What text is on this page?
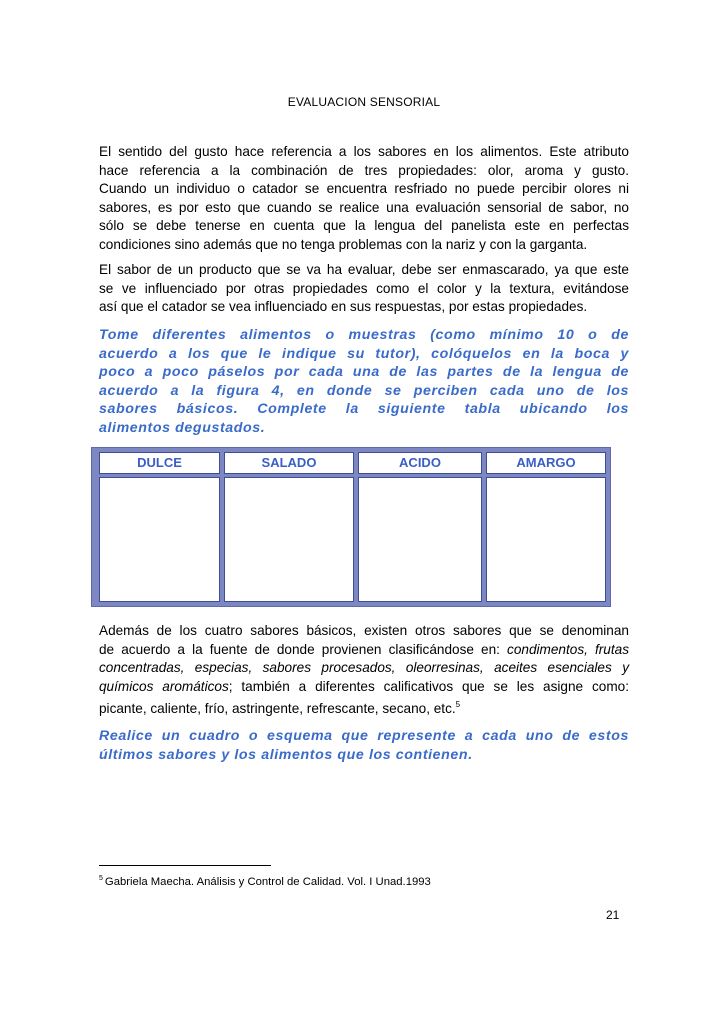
EVALUACION SENSORIAL
El sentido del gusto hace referencia a los sabores en los alimentos. Este atributo
hace referencia a la combinación de tres propiedades: olor, aroma y gusto.
Cuando un individuo o catador se encuentra resfriado no puede percibir olores ni
sabores, es por esto que cuando se realice una evaluación sensorial de sabor, no
sólo se debe tenerse en cuenta que la lengua del panelista este en perfectas
condiciones sino además que no tenga problemas con la nariz y con la garganta.
El sabor de un producto que se va ha evaluar, debe ser enmascarado, ya que este
se ve influenciado por otras propiedades como el color y la textura, evitándose
así que el catador se vea influenciado en sus respuestas, por estas propiedades.
Tome diferentes alimentos o muestras (como mínimo 10 o de
acuerdo a los que le indique su tutor), colóquelos en la boca y
poco a poco páselos por cada una de las partes de la lengua de
acuerdo a la figura 4, en donde se perciben cada uno de los
sabores básicos. Complete la siguiente tabla ubicando los
alimentos degustados.
DULCE	SALADO	ACIDO	AMARGO
Además de los cuatro sabores básicos, existen otros sabores que se denominan
de acuerdo a la fuente de donde provienen clasificándose en: condimentos, frutas
concentradas, especias, sabores procesados, oleorresinas, aceites esenciales y
químicos aromáticos; también a diferentes calificativos que se les asigne como:
picante, caliente, frío, astringente, refrescante, secano, etc.$^5$
Realice un cuadro o esquema que represente a cada uno de estos
últimos sabores y los alimentos que los contienen.
$^5$ Gabriela Maecha. Análisis y Control de Calidad. Vol. I Unad.1993
21
